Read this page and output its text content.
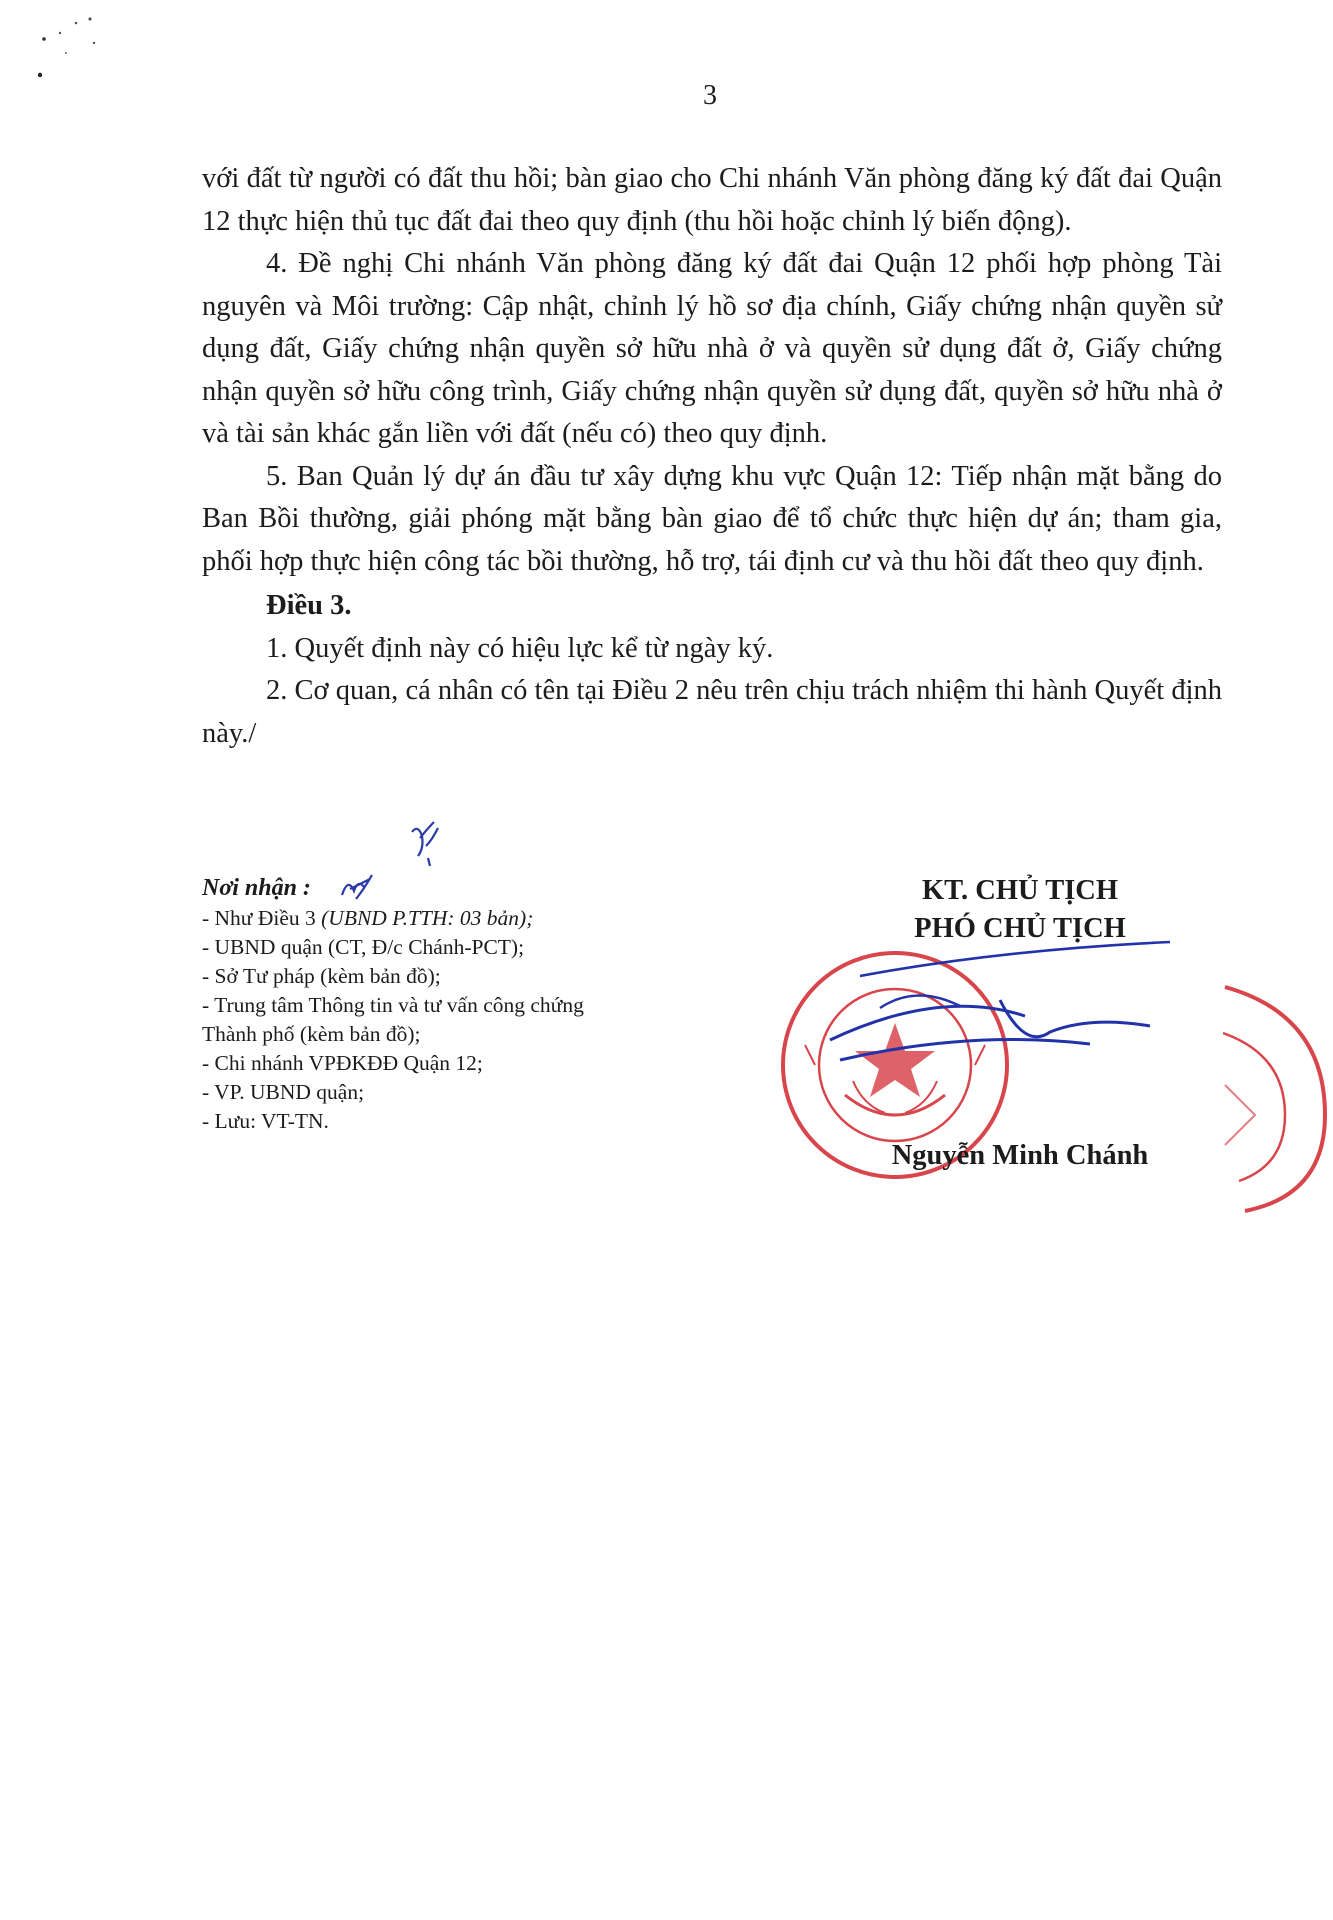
3

với đất từ người có đất thu hồi; bàn giao cho Chi nhánh Văn phòng đăng ký đất đai Quận 12 thực hiện thủ tục đất đai theo quy định (thu hồi hoặc chỉnh lý biến động).

4. Đề nghị Chi nhánh Văn phòng đăng ký đất đai Quận 12 phối hợp phòng Tài nguyên và Môi trường: Cập nhật, chỉnh lý hồ sơ địa chính, Giấy chứng nhận quyền sử dụng đất, Giấy chứng nhận quyền sở hữu nhà ở và quyền sử dụng đất ở, Giấy chứng nhận quyền sở hữu công trình, Giấy chứng nhận quyền sử dụng đất, quyền sở hữu nhà ở và tài sản khác gắn liền với đất (nếu có) theo quy định.

5. Ban Quản lý dự án đầu tư xây dựng khu vực Quận 12: Tiếp nhận mặt bằng do Ban Bồi thường, giải phóng mặt bằng bàn giao để tổ chức thực hiện dự án; tham gia, phối hợp thực hiện công tác bồi thường, hỗ trợ, tái định cư và thu hồi đất theo quy định.

Điều 3.

1. Quyết định này có hiệu lực kể từ ngày ký.

2. Cơ quan, cá nhân có tên tại Điều 2 nêu trên chịu trách nhiệm thi hành Quyết định này./

Nơi nhận :
- Như Điều 3 (UBND P.TTH: 03 bản);
- UBND quận (CT, Đ/c Chánh-PCT);
- Sở Tư pháp (kèm bản đồ);
- Trung tâm Thông tin và tư vấn công chứng Thành phố (kèm bản đồ);
- Chi nhánh VPĐKĐĐ Quận 12;
- VP. UBND quận;
- Lưu: VT-TN.
KT. CHỦ TỊCH
PHÓ CHỦ TỊCH
Nguyễn Minh Chánh
